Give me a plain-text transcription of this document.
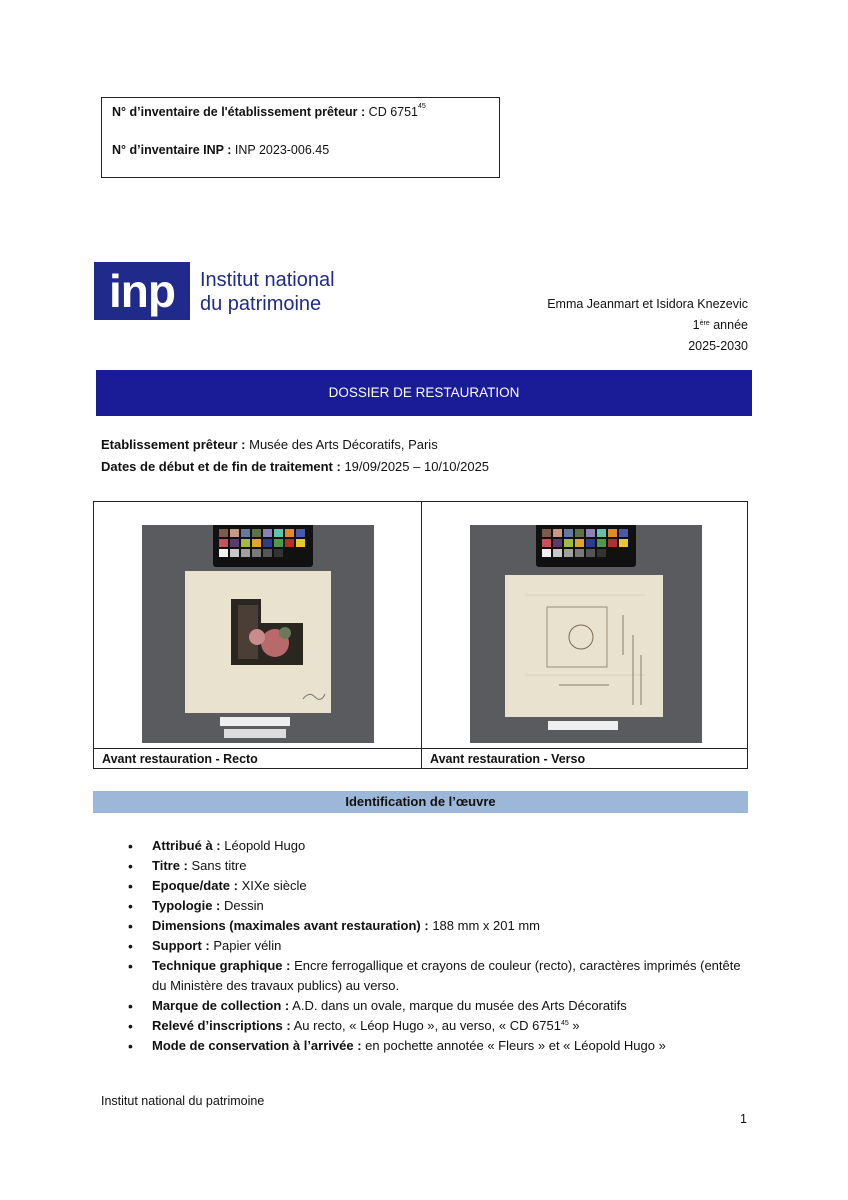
N° d’inventaire de l'établissement prêteur : CD 6751$^{45}$
N° d’inventaire INP : INP 2023-006.45
inp	Institut national
du patrimoine	Emma Jeanmart et Isidora Knezevic
1ère année
2025-2030
DOSSIER DE RESTAURATION
Etablissement prêteur : Musée des Arts Décoratifs, Paris
Dates de début et de fin de traitement : 19/09/2025 – 10/10/2025
Avant restauration - Recto	Avant restauration - Verso
Identification de l’œuvre
• Attribué à : Léopold Hugo
• Titre : Sans titre
• Epoque/date : XIXe siècle
• Typologie : Dessin
• Dimensions (maximales avant restauration) : 188 mm x 201 mm
• Support : Papier vélin
• Technique graphique : Encre ferrogallique et crayons de couleur (recto), caractères imprimés (entête du Ministère des travaux publics) au verso.
• Marque de collection : A.D. dans un ovale, marque du musée des Arts Décoratifs
• Relevé d’inscriptions : Au recto, « Léop Hugo », au verso, « CD 6751$^{45}$ »
• Mode de conservation à l’arrivée : en pochette annotée « Fleurs » et « Léopold Hugo »
Institut national du patrimoine
1
